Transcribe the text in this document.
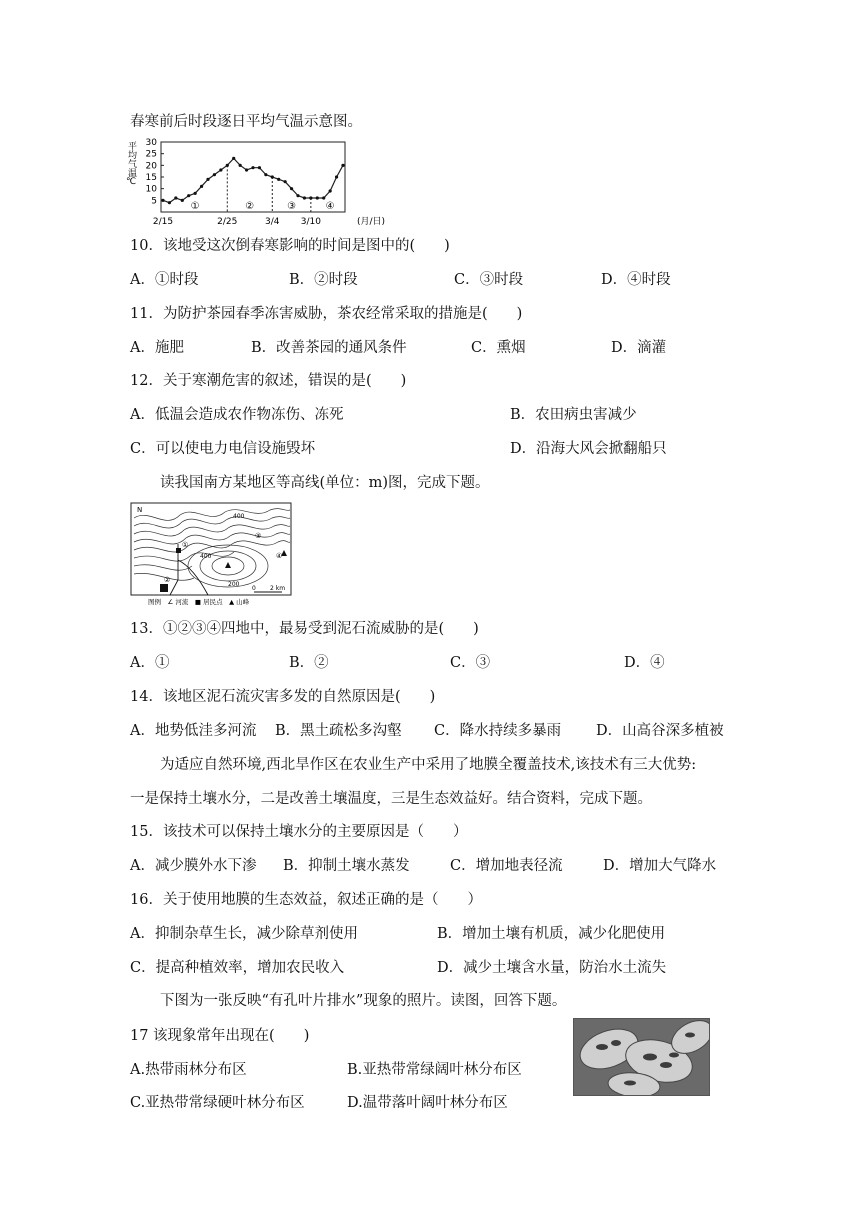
春寒前后时段逐日平均气温示意图。
平均气温℃
5
10
15
20
25
30
①	②	③	④
2/15	2/25	3/4 3/10	(月/日)
10．该地受这次倒春寒影响的时间是图中的(　　)
A．①时段	B．②时段	C．③时段	D．④时段
11．为防护茶园春季冻害威胁，茶农经常采取的措施是(　　)
A．施肥	B．改善茶园的通风条件	C．熏烟	D．滴灌
12．关于寒潮危害的叙述，错误的是(　　)
A．低温会造成农作物冻伤、冻死	B．农田病虫害减少
C．可以使电力电信设施毁坏	D．沿海大风会掀翻船只
读我国南方某地区等高线(单位：m)图，完成下题。
N
400
400
200
①
②
③
④
0 2 km
图例　∠ 河流　■ 居民点　▲ 山峰
13．①②③④四地中，最易受到泥石流威胁的是(　　)
A．①	B．②	C．③	D．④
14．该地区泥石流灾害多发的自然原因是(　　)
A．地势低洼多河流 B．黑土疏松多沟壑 C．降水持续多暴雨 D．山高谷深多植被
为适应自然环境,西北旱作区在农业生产中采用了地膜全覆盖技术,该技术有三大优势:
一是保持土壤水分，二是改善土壤温度，三是生态效益好。结合资料，完成下题。
15．该技术可以保持土壤水分的主要原因是（　　）
A．减少膜外水下渗 B．抑制土壤水蒸发	C．增加地表径流	D．增加大气降水
16．关于使用地膜的生态效益，叙述正确的是（　　）
A．抑制杂草生长，减少除草剂使用	B．增加土壤有机质，减少化肥使用
C．提高种植效率，增加农民收入	D．减少土壤含水量，防治水土流失
下图为一张反映“有孔叶片排水”现象的照片。读图，回答下题。
17 该现象常年出现在(　　)
A.热带雨林分布区	B.亚热带常绿阔叶林分布区
C.亚热带常绿硬叶林分布区	D.温带落叶阔叶林分布区
